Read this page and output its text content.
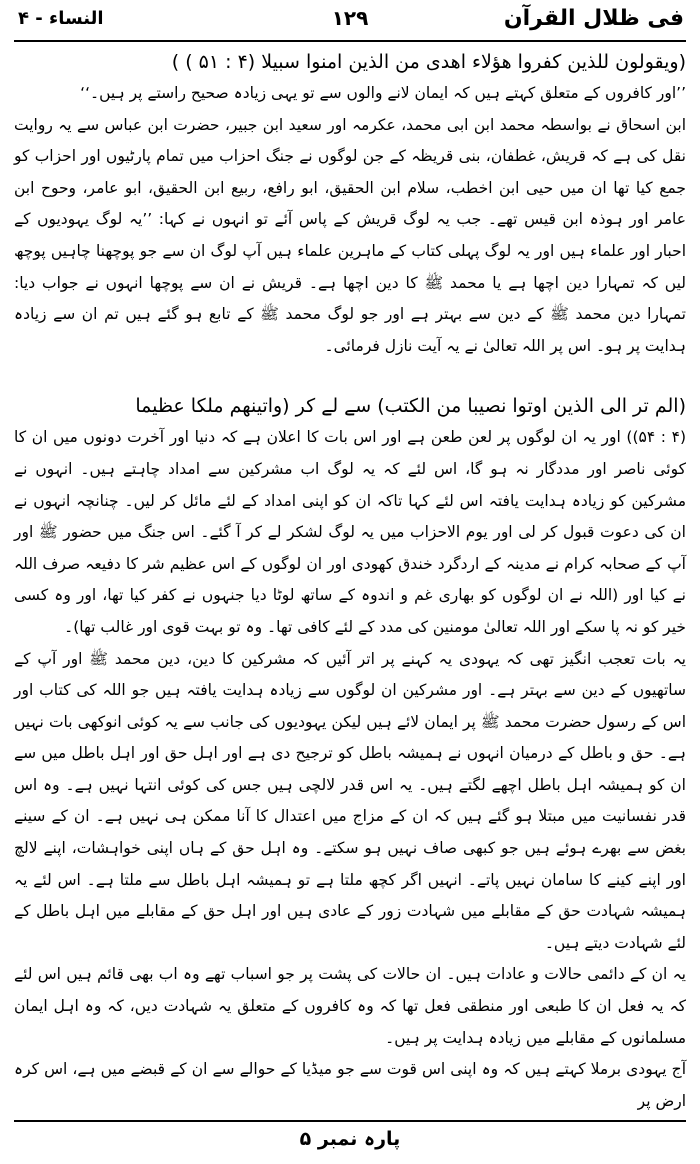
فی ظلال القرآن
۱۲۹
النساء - ۴

(ویقولون للذین کفروا ھؤلاء اھدی من الذین امنوا سبیلا (۴ : ۵۱ ) )

’’اور کافروں کے متعلق کہتے ہیں کہ ایمان لانے والوں سے تو یہی زیادہ صحیح راستے پر ہیں۔‘‘

ابن اسحاق نے بواسطہ محمد ابن ابی محمد، عکرمہ اور سعید ابن جبیر، حضرت ابن عباس سے یہ روایت نقل کی ہے کہ قریش، غطفان، بنی قریظہ کے جن لوگوں نے جنگ احزاب میں تمام پارٹیوں اور احزاب کو جمع کیا تھا ان میں حیی ابن اخطب، سلام ابن الحقیق، ابو رافع، ربیع ابن الحقیق، ابو عامر، وحوح ابن عامر اور ہوذہ ابن قیس تھے۔ جب یہ لوگ قریش کے پاس آئے تو انہوں نے کہا: ’’یہ لوگ یہودیوں کے احبار اور علماء ہیں اور یہ لوگ پہلی کتاب کے ماہرین علماء ہیں آپ لوگ ان سے جو پوچھنا چاہیں پوچھ لیں کہ تمہارا دین اچھا ہے یا محمد ﷺ کا دین اچھا ہے۔ قریش نے ان سے پوچھا انہوں نے جواب دیا: تمہارا دین محمد ﷺ کے دین سے بہتر ہے اور جو لوگ محمد ﷺ کے تابع ہو گئے ہیں تم ان سے زیادہ ہدایت پر ہو۔ اس پر اللہ تعالیٰ نے یہ آیت نازل فرمائی۔

(الم تر الی الذین اوتوا نصیبا من الکتب) سے لے کر (واتینھم ملکا عظیما

(۴ : ۵۴)) اور یہ ان لوگوں پر لعن طعن ہے اور اس بات کا اعلان ہے کہ دنیا اور آخرت دونوں میں ان کا کوئی ناصر اور مددگار نہ ہو گا، اس لئے کہ یہ لوگ اب مشرکین سے امداد چاہتے ہیں۔ انہوں نے مشرکین کو زیادہ ہدایت یافتہ اس لئے کہا تاکہ ان کو اپنی امداد کے لئے مائل کر لیں۔ چنانچہ انہوں نے ان کی دعوت قبول کر لی اور یوم الاحزاب میں یہ لوگ لشکر لے کر آ گئے۔ اس جنگ میں حضور ﷺ اور آپ کے صحابہ کرام نے مدینہ کے اردگرد خندق کھودی اور ان لوگوں کے اس عظیم شر کا دفیعہ صرف اللہ نے کیا اور (اللہ نے ان لوگوں کو بھاری غم و اندوہ کے ساتھ لوٹا دیا جنہوں نے کفر کیا تھا، اور وہ کسی خیر کو نہ پا سکے اور اللہ تعالیٰ مومنین کی مدد کے لئے کافی تھا۔ وہ تو بہت قوی اور غالب تھا)۔

یہ بات تعجب انگیز تھی کہ یہودی یہ کہنے پر اتر آئیں کہ مشرکین کا دین، دین محمد ﷺ اور آپ کے ساتھیوں کے دین سے بہتر ہے۔ اور مشرکین ان لوگوں سے زیادہ ہدایت یافتہ ہیں جو اللہ کی کتاب اور اس کے رسول حضرت محمد ﷺ پر ایمان لائے ہیں لیکن یہودیوں کی جانب سے یہ کوئی انوکھی بات نہیں ہے۔ حق و باطل کے درمیان انہوں نے ہمیشہ باطل کو ترجیح دی ہے اور اہل حق اور اہل باطل میں سے ان کو ہمیشہ اہل باطل اچھے لگتے ہیں۔ یہ اس قدر لالچی ہیں جس کی کوئی انتہا نہیں ہے۔ وہ اس قدر نفسانیت میں مبتلا ہو گئے ہیں کہ ان کے مزاج میں اعتدال کا آنا ممکن ہی نہیں ہے۔ ان کے سینے بغض سے بھرے ہوئے ہیں جو کبھی صاف نہیں ہو سکتے۔ وہ اہل حق کے ہاں اپنی خواہشات، اپنے لالچ اور اپنے کینے کا سامان نہیں پاتے۔ انہیں اگر کچھ ملتا ہے تو ہمیشہ اہل باطل سے ملتا ہے۔ اس لئے یہ ہمیشہ شہادت حق کے مقابلے میں شہادت زور کے عادی ہیں اور اہل حق کے مقابلے میں اہل باطل کے لئے شہادت دیتے ہیں۔

یہ ان کے دائمی حالات و عادات ہیں۔ ان حالات کی پشت پر جو اسباب تھے وہ اب بھی قائم ہیں اس لئے کہ یہ فعل ان کا طبعی اور منطقی فعل تھا کہ وہ کافروں کے متعلق یہ شہادت دیں، کہ وہ اہل ایمان مسلمانوں کے مقابلے میں زیادہ ہدایت پر ہیں۔

آج یہودی برملا کہتے ہیں کہ وہ اپنی اس قوت سے جو میڈیا کے حوالے سے ان کے قبضے میں ہے، اس کرہ ارض پر

پارہ نمبر ۵
